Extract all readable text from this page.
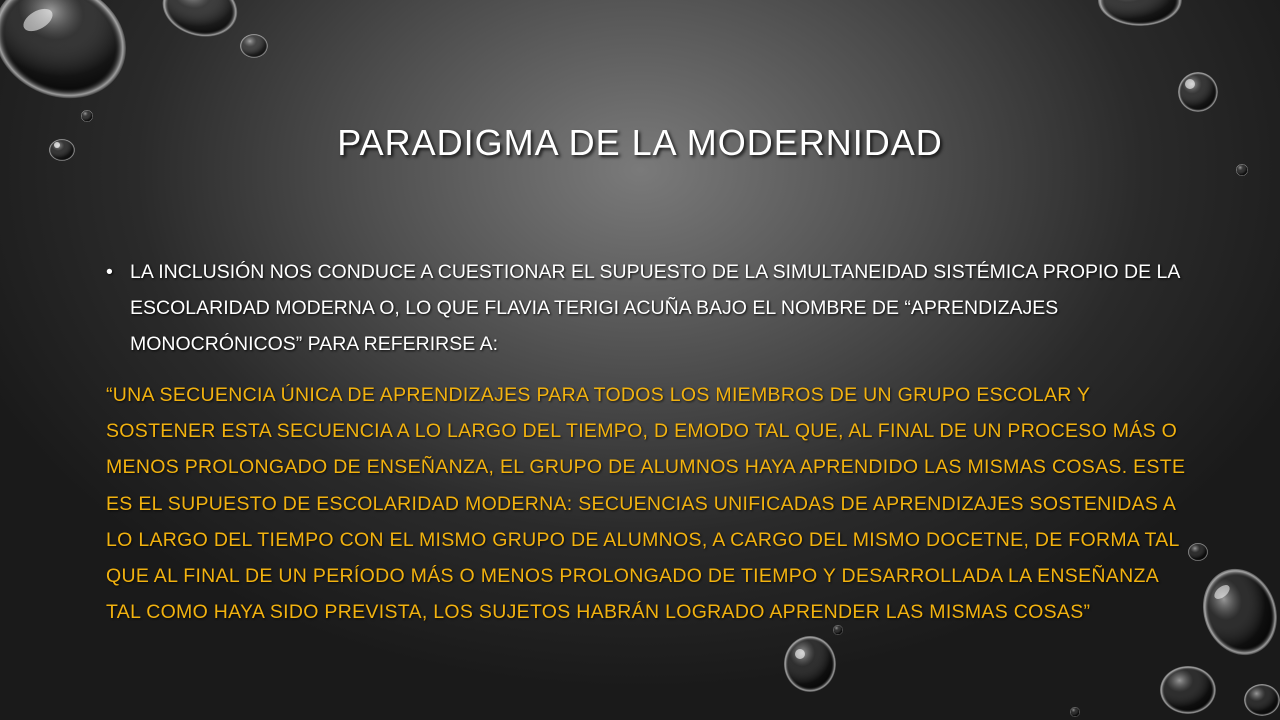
PARADIGMA DE LA MODERNIDAD
• LA INCLUSIÓN NOS CONDUCE A CUESTIONAR EL SUPUESTO DE LA SIMULTANEIDAD SISTÉMICA PROPIO DE LA ESCOLARIDAD MODERNA O, LO QUE FLAVIA TERIGI ACUÑA BAJO EL NOMBRE DE “APRENDIZAJES MONOCRÓNICOS” PARA REFERIRSE A:
“UNA SECUENCIA ÚNICA DE APRENDIZAJES PARA TODOS LOS MIEMBROS DE UN GRUPO ESCOLAR Y SOSTENER ESTA SECUENCIA A LO LARGO DEL TIEMPO, D EMODO TAL QUE, AL FINAL DE UN PROCESO MÁS O MENOS PROLONGADO DE ENSEÑANZA, EL GRUPO DE ALUMNOS HAYA APRENDIDO LAS MISMAS COSAS. ESTE ES EL SUPUESTO DE ESCOLARIDAD MODERNA: SECUENCIAS UNIFICADAS DE APRENDIZAJES SOSTENIDAS A LO LARGO DEL TIEMPO CON EL MISMO GRUPO DE ALUMNOS, A CARGO DEL MISMO DOCETNE, DE FORMA TAL QUE AL FINAL DE UN PERÍODO MÁS O MENOS PROLONGADO DE TIEMPO Y DESARROLLADA LA ENSEÑANZA TAL COMO HAYA SIDO PREVISTA, LOS SUJETOS HABRÁN LOGRADO APRENDER LAS MISMAS COSAS”
